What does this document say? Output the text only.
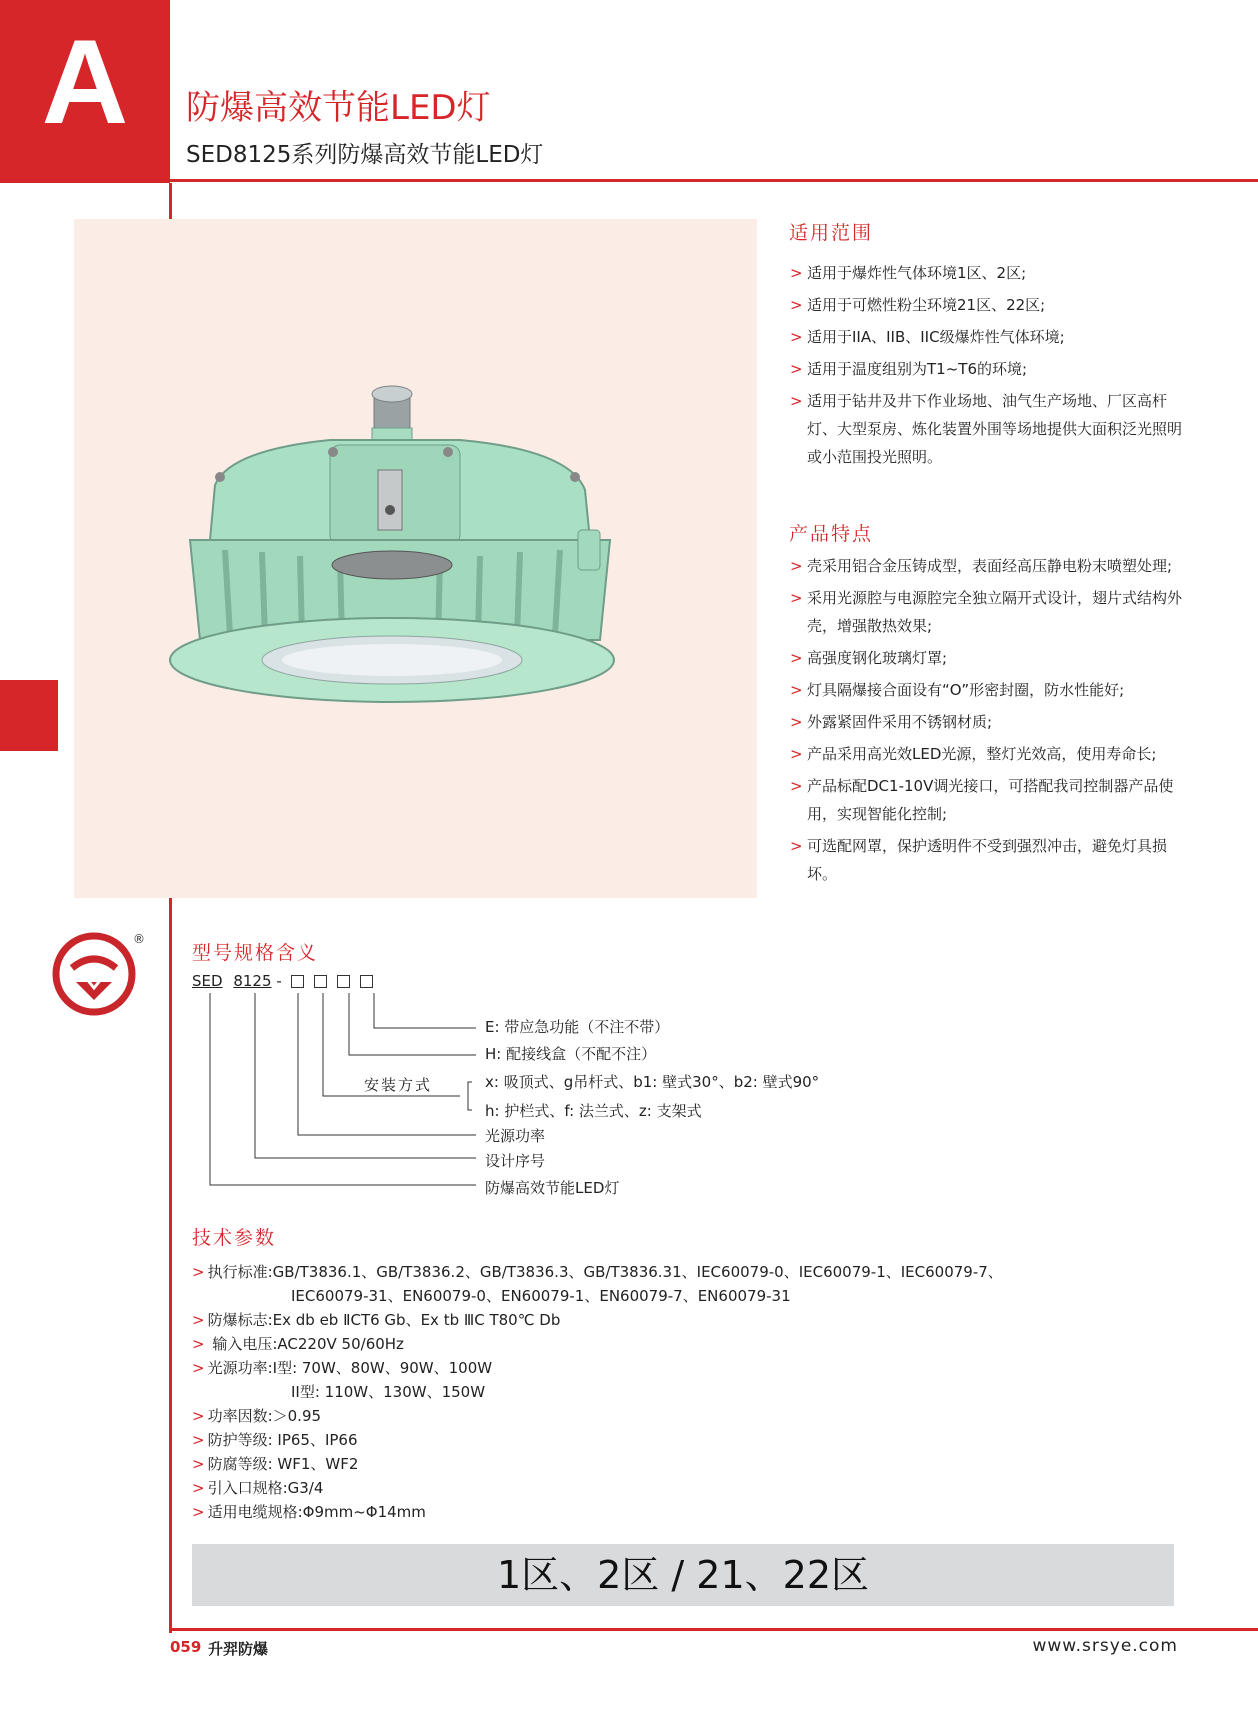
A	防爆高效节能LED灯
SED8125系列防爆高效节能LED灯
适用范围
> 适用于爆炸性气体环境1区、2区;
> 适用于可燃性粉尘环境21区、22区;
> 适用于IIA、IIB、IIC级爆炸性气体环境;
> 适用于温度组别为T1~T6的环境;
> 适用于钻井及井下作业场地、油气生产场地、厂区高杆灯、大型泵房、炼化装置外围等场地提供大面积泛光照明或小范围投光照明。
产品特点
> 壳采用铝合金压铸成型，表面经高压静电粉末喷塑处理;
> 采用光源腔与电源腔完全独立隔开式设计，翅片式结构外壳，增强散热效果;
> 高强度钢化玻璃灯罩;
> 灯具隔爆接合面设有“O”形密封圈，防水性能好;
> 外露紧固件采用不锈钢材质;
> 产品采用高光效LED光源，整灯光效高，使用寿命长;
> 产品标配DC1-10V调光接口，可搭配我司控制器产品使用，实现智能化控制;
> 可选配网罩，保护透明件不受到强烈冲击，避免灯具损坏。
®
型号规格含义
SED 8125 -
E: 带应急功能（不注不带）
H: 配接线盒（不配不注）
安装方式	x: 吸顶式、g吊杆式、b1: 壁式30°、b2: 壁式90°
h: 护栏式、f: 法兰式、z: 支架式
光源功率
设计序号
防爆高效节能LED灯
技术参数
> 执行标准:GB/T3836.1、GB/T3836.2、GB/T3836.3、GB/T3836.31、IEC60079-0、IEC60079-1、IEC60079-7、
IEC60079-31、EN60079-0、EN60079-1、EN60079-7、EN60079-31
> 防爆标志:Ex db eb ⅡCT6 Gb、Ex tb ⅢC T80℃ Db
> 输入电压:AC220V 50/60Hz
> 光源功率:I型: 70W、80W、90W、100W
II型: 110W、130W、150W
> 功率因数:＞0.95
> 防护等级: IP65、IP66
> 防腐等级: WF1、WF2
> 引入口规格:G3/4
> 适用电缆规格:Φ9mm~Φ14mm
1区、2区 / 21、22区
059 升羿防爆	www.srsye.com
